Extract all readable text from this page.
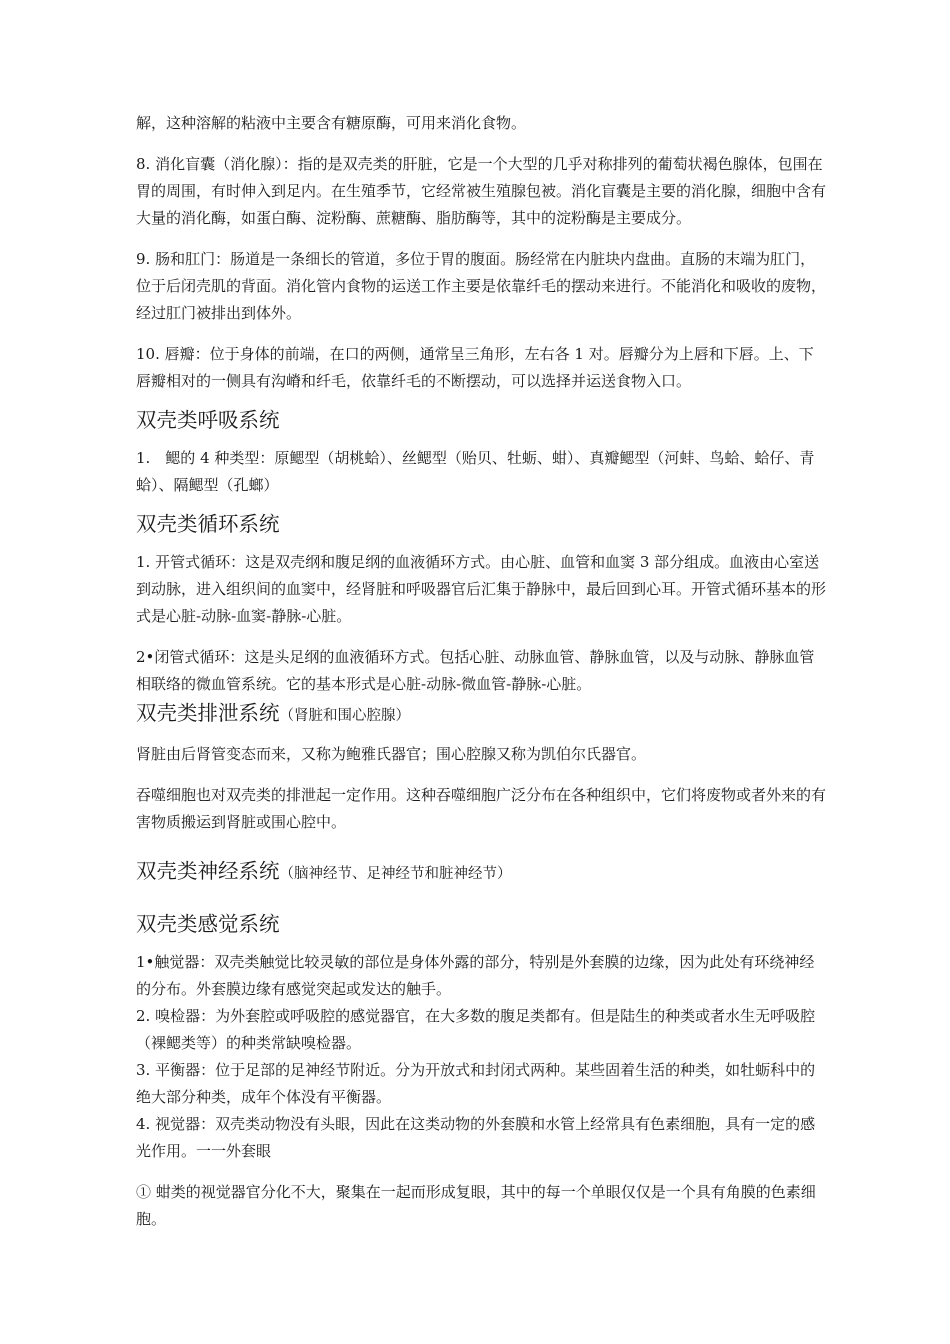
解，这种溶解的粘液中主要含有糖原酶，可用来消化食物。

8. 消化盲囊（消化腺）：指的是双壳类的肝脏，它是一个大型的几乎对称排列的葡萄状褐色腺体，包围在胃的周围，有时伸入到足内。在生殖季节，它经常被生殖腺包被。消化盲囊是主要的消化腺，细胞中含有大量的消化酶，如蛋白酶、淀粉酶、蔗糖酶、脂肪酶等，其中的淀粉酶是主要成分。

9. 肠和肛门：肠道是一条细长的管道，多位于胃的腹面。肠经常在内脏块内盘曲。直肠的末端为肛门，位于后闭壳肌的背面。消化管内食物的运送工作主要是依靠纤毛的摆动来进行。不能消化和吸收的废物，经过肛门被排出到体外。

10. 唇瓣：位于身体的前端，在口的两侧，通常呈三角形，左右各 1 对。唇瓣分为上唇和下唇。上、下唇瓣相对的一侧具有沟嵴和纤毛，依靠纤毛的不断摆动，可以选择并运送食物入口。

双壳类呼吸系统

1.　鳃的 4 种类型：原鳃型（胡桃蛤）、丝鳃型（贻贝、牡蛎、蚶）、真瓣鳃型（河蚌、鸟蛤、蛤仔、青蛤）、隔鳃型（孔螂）

双壳类循环系统

1. 开管式循环：这是双壳纲和腹足纲的血液循环方式。由心脏、血管和血窦 3 部分组成。血液由心室送到动脉，进入组织间的血窦中，经肾脏和呼吸器官后汇集于静脉中，最后回到心耳。开管式循环基本的形式是心脏-动脉-血窦-静脉-心脏。

2•闭管式循环：这是头足纲的血液循环方式。包括心脏、动脉血管、静脉血管，以及与动脉、静脉血管相联络的微血管系统。它的基本形式是心脏-动脉-微血管-静脉-心脏。

双壳类排泄系统（肾脏和围心腔腺）

肾脏由后肾管变态而来，又称为鲍雅氏器官；围心腔腺又称为凯伯尔氏器官。

吞噬细胞也对双壳类的排泄起一定作用。这种吞噬细胞广泛分布在各种组织中，它们将废物或者外来的有害物质搬运到肾脏或围心腔中。

双壳类神经系统（脑神经节、足神经节和脏神经节）
双壳类感觉系统

1•触觉器：双壳类触觉比较灵敏的部位是身体外露的部分，特别是外套膜的边缘，因为此处有环绕神经的分布。外套膜边缘有感觉突起或发达的触手。

2. 嗅检器：为外套腔或呼吸腔的感觉器官，在大多数的腹足类都有。但是陆生的种类或者水生无呼吸腔（裸鳃类等）的种类常缺嗅检器。

3. 平衡器：位于足部的足神经节附近。分为开放式和封闭式两种。某些固着生活的种类，如牡蛎科中的绝大部分种类，成年个体没有平衡器。

4. 视觉器：双壳类动物没有头眼，因此在这类动物的外套膜和水管上经常具有色素细胞，具有一定的感光作用。一一外套眼

① 蚶类的视觉器官分化不大，聚集在一起而形成复眼，其中的每一个单眼仅仅是一个具有角膜的色素细胞。
